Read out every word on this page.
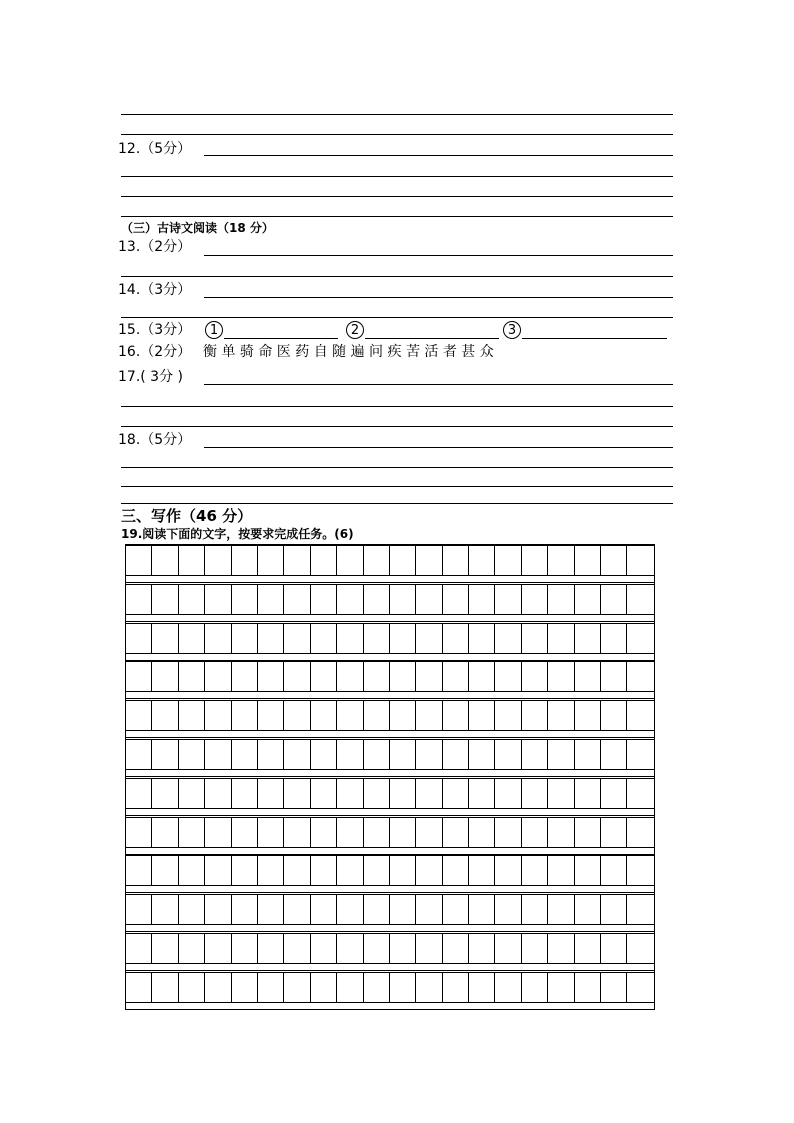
12.（5分）
（三）古诗文阅读（18 分）
13.（2分）
14.（3分）
15.（3分）	1	2	3
16.（2分） 衡 单 骑 命 医 药 自 随 遍 问 疾 苦 活 者 甚 众
17.( 3分 )
18.（5分）
三、写作（46 分）
19.阅读下面的文字，按要求完成任务。(6)
